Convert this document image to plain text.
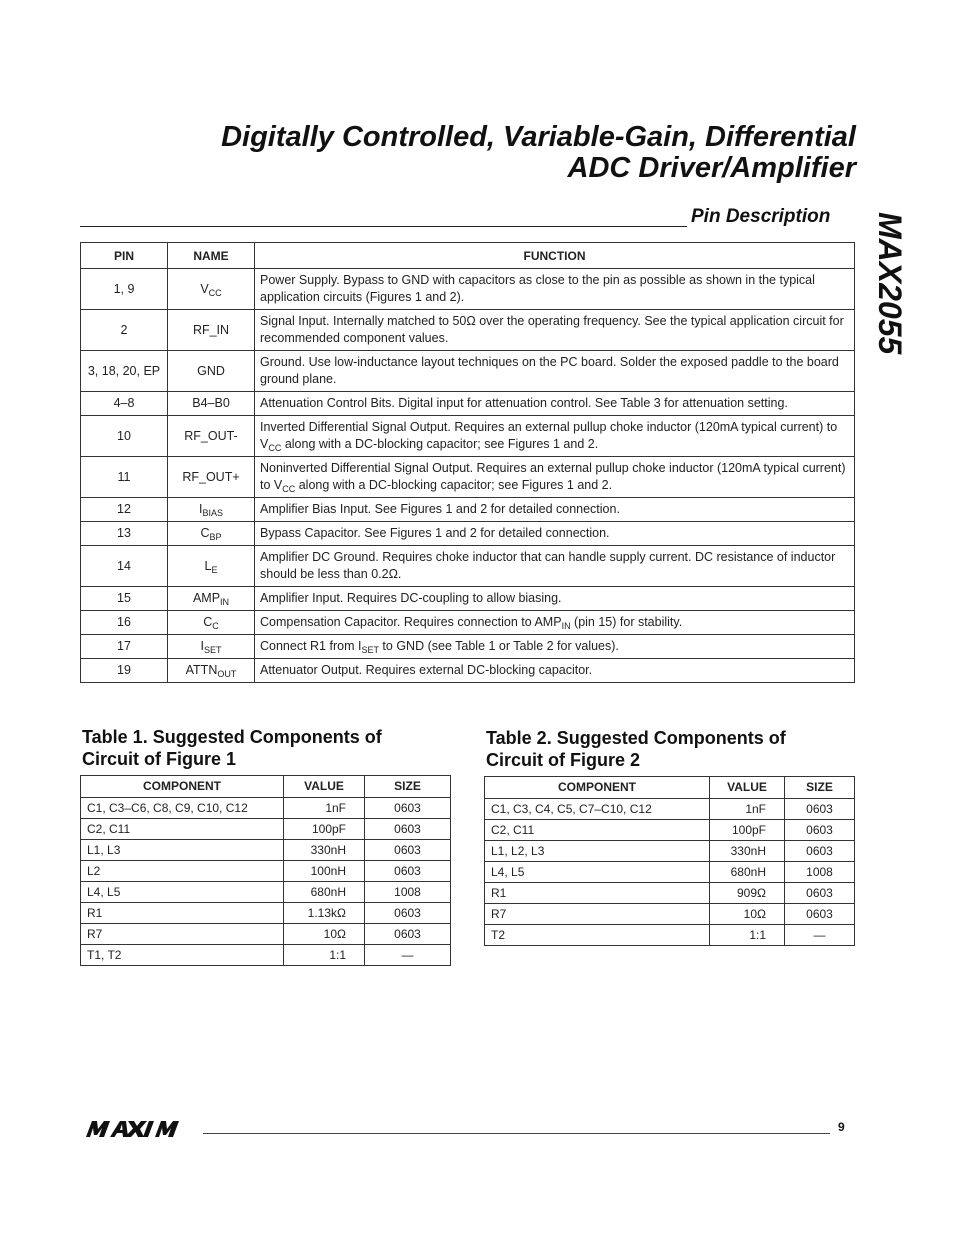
Digitally Controlled, Variable-Gain, Differential
ADC Driver/Amplifier
Pin Description MAX2055

PIN	NAME	FUNCTION
1, 9	$V_{CC}$	Power Supply. Bypass to GND with capacitors as close to the pin as possible as shown in the typical application circuits (Figures 1 and 2).
2	RF_IN	Signal Input. Internally matched to 50Ω over the operating frequency. See the typical application circuit for recommended component values.
3, 18, 20, EP	GND	Ground. Use low-inductance layout techniques on the PC board. Solder the exposed paddle to the board ground plane.
4–8	B4–B0	Attenuation Control Bits. Digital input for attenuation control. See Table 3 for attenuation setting.
10	RF_OUT-	Inverted Differential Signal Output. Requires an external pullup choke inductor (120mA typical current) to $V_{CC}$ along with a DC-blocking capacitor; see Figures 1 and 2.
11	RF_OUT+	Noninverted Differential Signal Output. Requires an external pullup choke inductor (120mA typical current) to $V_{CC}$ along with a DC-blocking capacitor; see Figures 1 and 2.
12	$I_{BIAS}$	Amplifier Bias Input. See Figures 1 and 2 for detailed connection.
13	$C_{BP}$	Bypass Capacitor. See Figures 1 and 2 for detailed connection.
14	$L_E$	Amplifier DC Ground. Requires choke inductor that can handle supply current. DC resistance of inductor should be less than 0.2Ω.
15	$AMP_{IN}$	Amplifier Input. Requires DC-coupling to allow biasing.
16	$C_C$	Compensation Capacitor. Requires connection to $AMP_{IN}$ (pin 15) for stability.
17	$I_{SET}$	Connect R1 from $I_{SET}$ to GND (see Table 1 or Table 2 for values).
19	$ATTN_{OUT}$	Attenuator Output. Requires external DC-blocking capacitor.
Table 1. Suggested Components of Circuit of Figure 1
COMPONENT	VALUE	SIZE
C1, C3–C6, C8, C9, C10, C12	1nF	0603
C2, C11	100pF	0603
L1, L3	330nH	0603
L2	100nH	0603
L4, L5	680nH	1008
R1	1.13kΩ	0603
R7	10Ω	0603
T1, T2	1:1	—
Table 2. Suggested Components of Circuit of Figure 2
COMPONENT	VALUE	SIZE
C1, C3, C4, C5, C7–C10, C12	1nF	0603
C2, C11	100pF	0603
L1, L2, L3	330nH	0603
L4, L5	680nH	1008
R1	909Ω	0603
R7	10Ω	0603
T2	1:1	—
MAXIM

9
